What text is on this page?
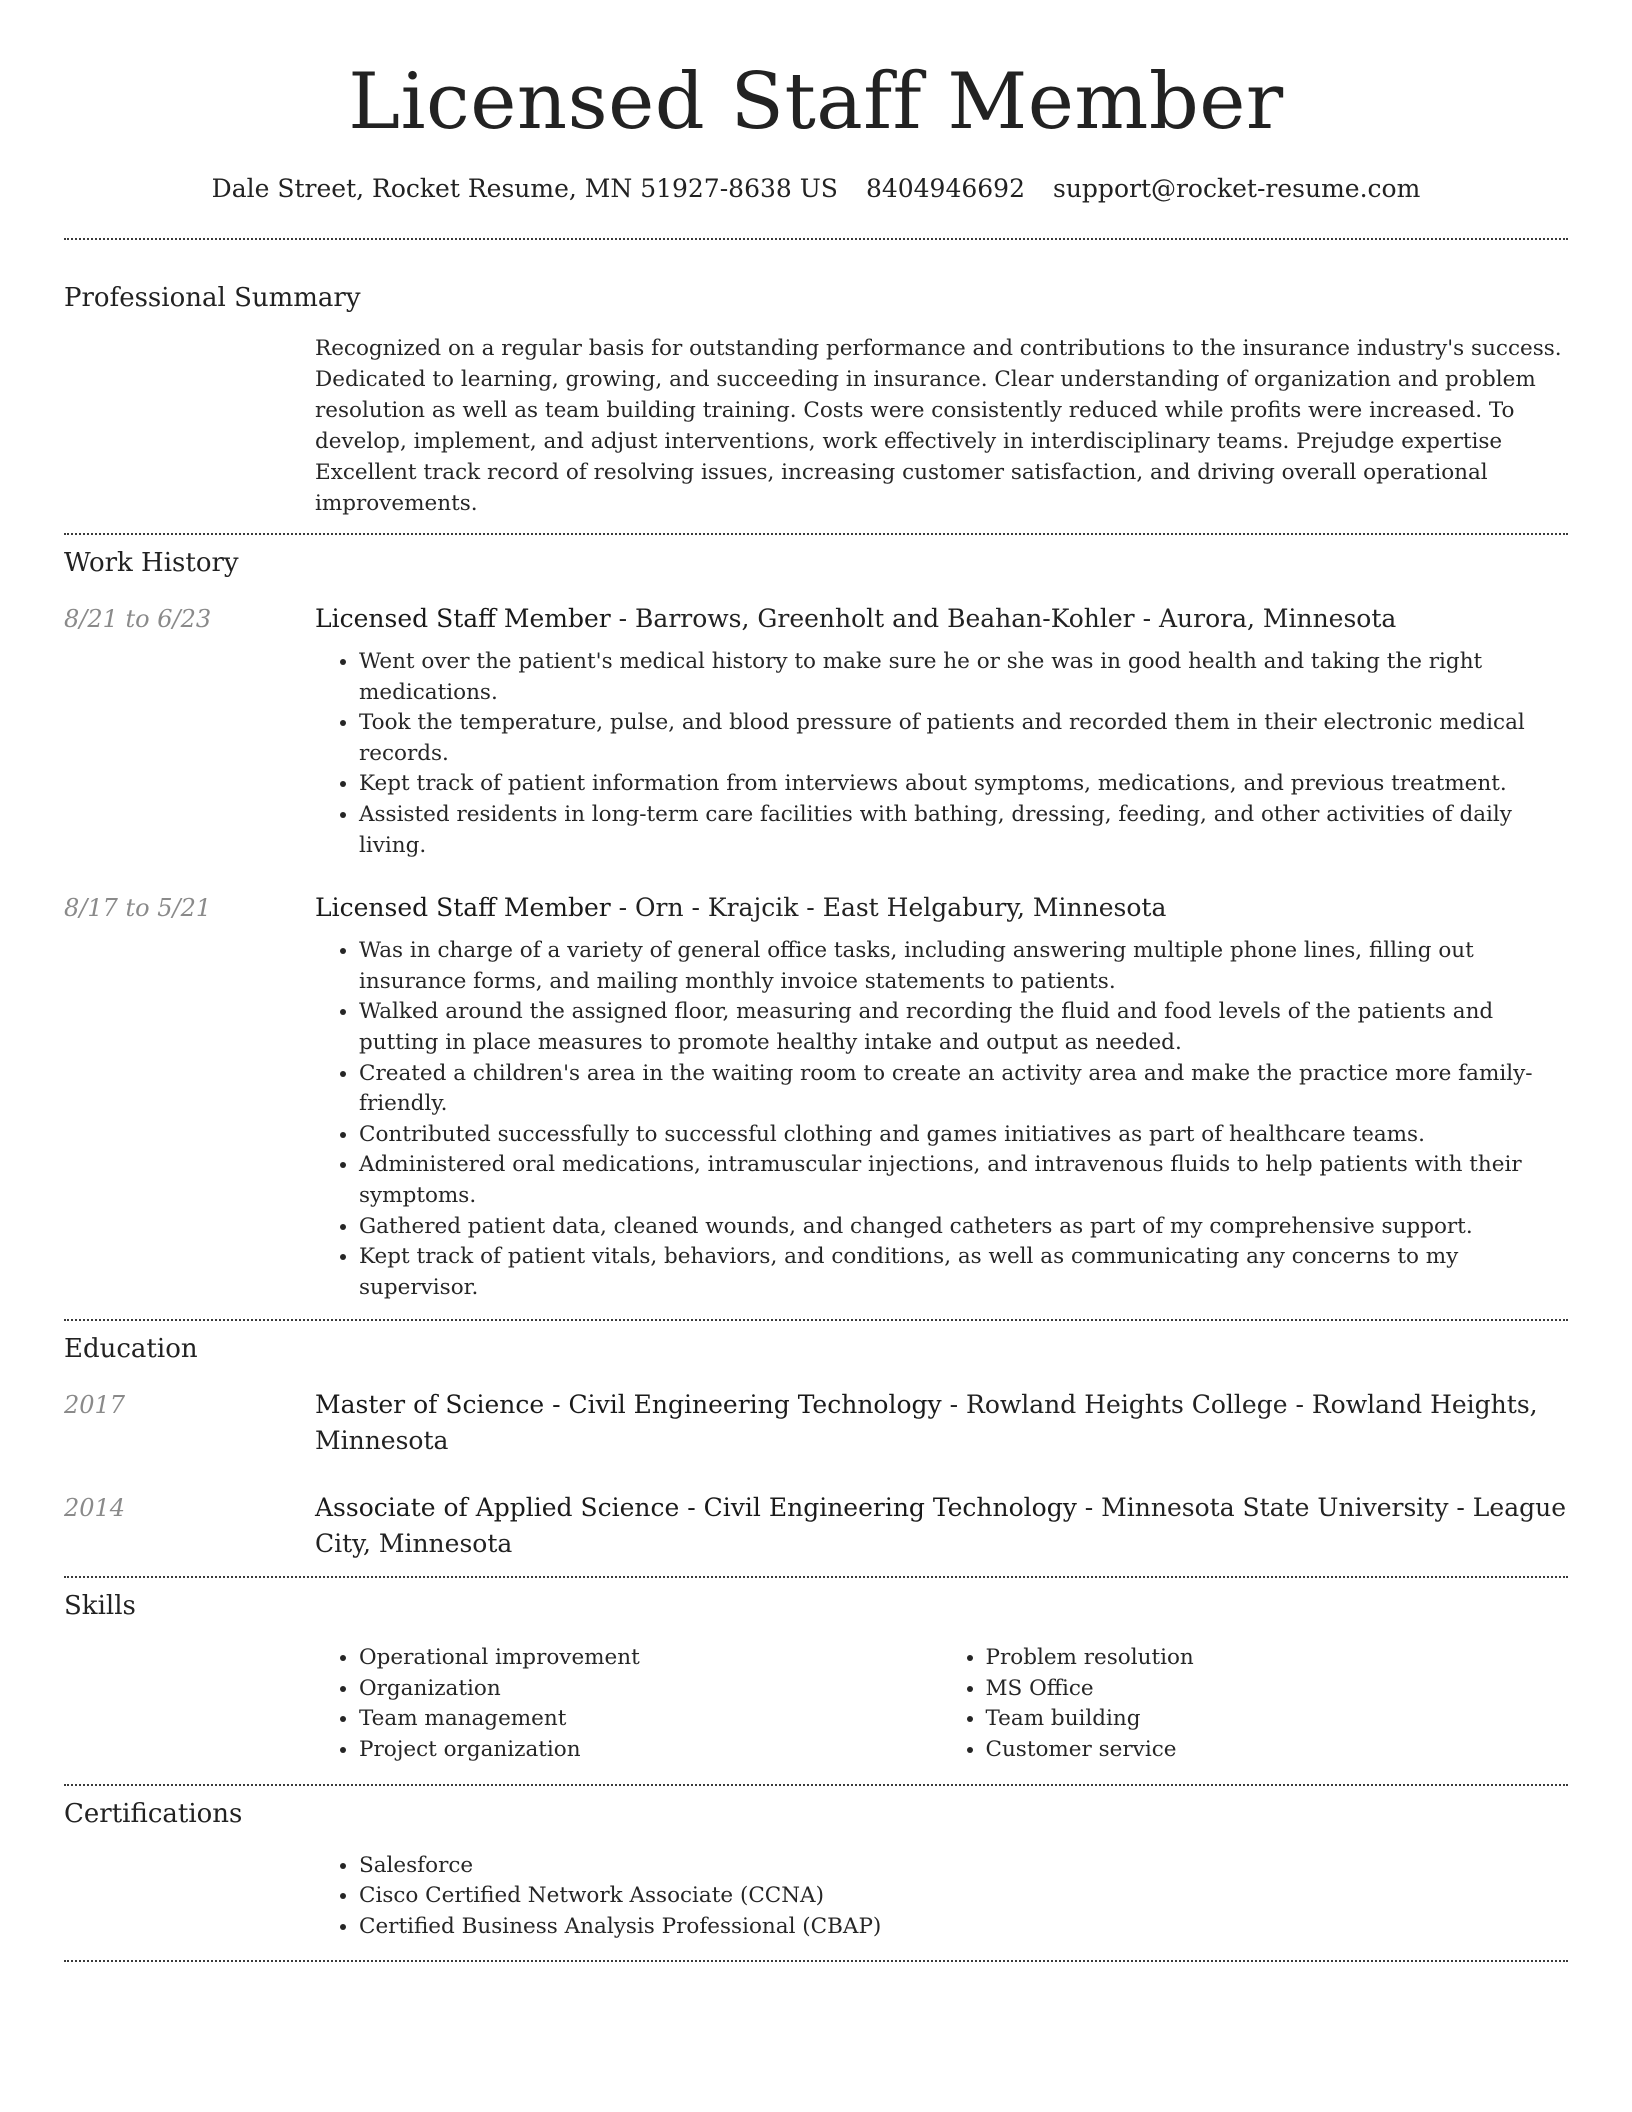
Licensed Staff Member
Dale Street, Rocket Resume, MN 51927-8638 US 8404946692 support@rocket-resume.com
Professional Summary
Recognized on a regular basis for outstanding performance and contributions to the insurance industry's success. Dedicated to learning, growing, and succeeding in insurance. Clear understanding of organization and problem resolution as well as team building training. Costs were consistently reduced while profits were increased. To develop, implement, and adjust interventions, work effectively in interdisciplinary teams. Prejudge expertise Excellent track record of resolving issues, increasing customer satisfaction, and driving overall operational improvements.
Work History
8/21 to 6/23	Licensed Staff Member - Barrows, Greenholt and Beahan-Kohler - Aurora, Minnesota
• Went over the patient's medical history to make sure he or she was in good health and taking the right medications.
• Took the temperature, pulse, and blood pressure of patients and recorded them in their electronic medical records.
• Kept track of patient information from interviews about symptoms, medications, and previous treatment.
• Assisted residents in long-term care facilities with bathing, dressing, feeding, and other activities of daily living.
8/17 to 5/21	Licensed Staff Member - Orn - Krajcik - East Helgabury, Minnesota
• Was in charge of a variety of general office tasks, including answering multiple phone lines, filling out insurance forms, and mailing monthly invoice statements to patients.
• Walked around the assigned floor, measuring and recording the fluid and food levels of the patients and putting in place measures to promote healthy intake and output as needed.
• Created a children's area in the waiting room to create an activity area and make the practice more family-friendly.
• Contributed successfully to successful clothing and games initiatives as part of healthcare teams.
• Administered oral medications, intramuscular injections, and intravenous fluids to help patients with their symptoms.
• Gathered patient data, cleaned wounds, and changed catheters as part of my comprehensive support.
• Kept track of patient vitals, behaviors, and conditions, as well as communicating any concerns to my supervisor.
Education
2017	Master of Science - Civil Engineering Technology - Rowland Heights College - Rowland Heights, Minnesota
2014	Associate of Applied Science - Civil Engineering Technology - Minnesota State University - League City, Minnesota
Skills
• Operational improvement
• Organization
• Team management
• Project organization
• Problem resolution
• MS Office
• Team building
• Customer service
Certifications
• Salesforce
• Cisco Certified Network Associate (CCNA)
• Certified Business Analysis Professional (CBAP)
